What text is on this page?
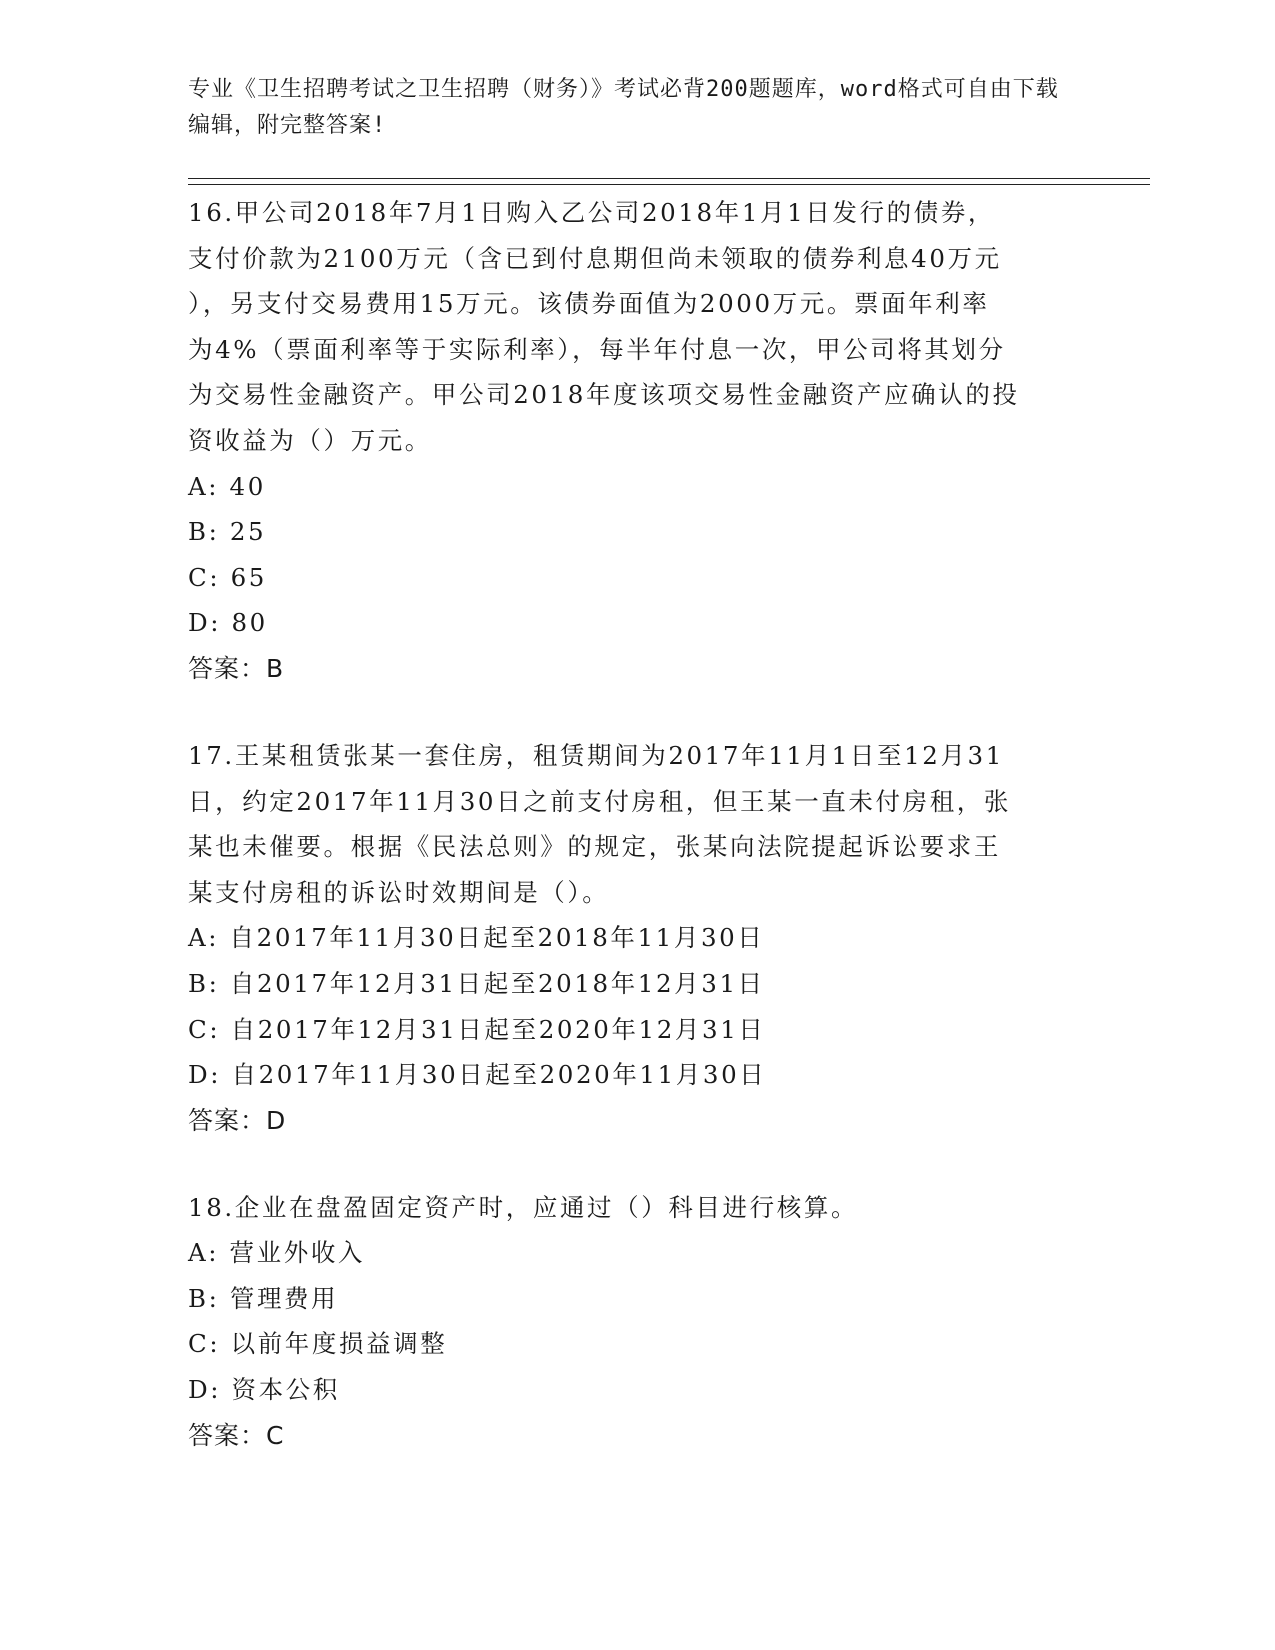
专业《卫生招聘考试之卫生招聘（财务）》考试必背200题题库，word格式可自由下载编辑，附完整答案!

16.甲公司2018年7月1日购入乙公司2018年1月1日发行的债券，
支付价款为2100万元（含已到付息期但尚未领取的债券利息40万元
），另支付交易费用15万元。该债券面值为2000万元。票面年利率
为4%（票面利率等于实际利率），每半年付息一次，甲公司将其划分
为交易性金融资产。甲公司2018年度该项交易性金融资产应确认的投
资收益为（）万元。

A: 40

B: 25

C: 65

D: 80

答案：B

17.王某租赁张某一套住房，租赁期间为2017年11月1日至12月31
日，约定2017年11月30日之前支付房租，但王某一直未付房租，张
某也未催要。根据《民法总则》的规定，张某向法院提起诉讼要求王
某支付房租的诉讼时效期间是（）。

A: 自2017年11月30日起至2018年11月30日

B: 自2017年12月31日起至2018年12月31日

C: 自2017年12月31日起至2020年12月31日

D: 自2017年11月30日起至2020年11月30日

答案：D

18.企业在盘盈固定资产时，应通过（）科目进行核算。

A: 营业外收入

B: 管理费用

C: 以前年度损益调整

D: 资本公积

答案：C
